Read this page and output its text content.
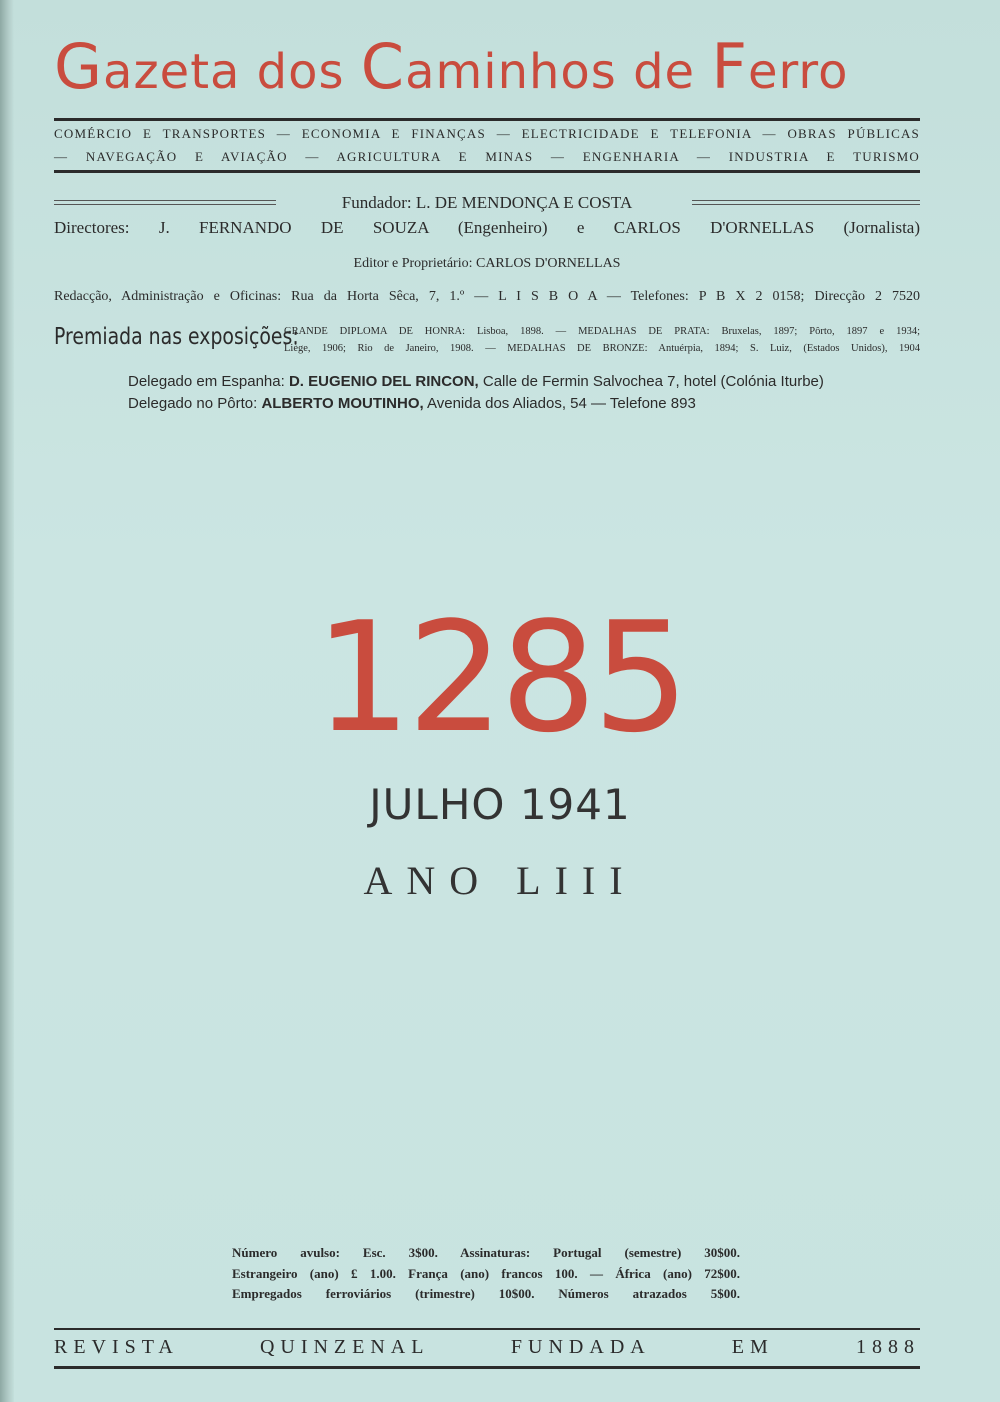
Gazeta dos Caminhos de Ferro
COMÉRCIO E TRANSPORTES — ECONOMIA E FINANÇAS — ELECTRICIDADE E TELEFONIA — OBRAS PÚBLICAS
— NAVEGAÇÃO E AVIAÇÃO — AGRICULTURA E MINAS — ENGENHARIA — INDUSTRIA E TURISMO
Fundador: L. DE MENDONÇA E COSTA
Directores: J. FERNANDO DE SOUZA (Engenheiro) e CARLOS D'ORNELLAS (Jornalista)
Editor e Proprietário: CARLOS D'ORNELLAS
Redacção, Administração e Oficinas: Rua da Horta Sêca, 7, 1.º — L I S B O A — Telefones: P B X 2 0158; Direcção 2 7520
Premiada nas exposições:
GRANDE DIPLOMA DE HONRA: Lisboa, 1898. — MEDALHAS DE PRATA: Bruxelas, 1897; Pôrto, 1897 e 1934;
Liège, 1906; Rio de Janeiro, 1908. — MEDALHAS DE BRONZE: Antuérpia, 1894; S. Luiz, (Estados Unidos), 1904
Delegado em Espanha: D. EUGENIO DEL RINCON, Calle de Fermin Salvochea 7, hotel (Colónia Iturbe)
Delegado no Pôrto: ALBERTO MOUTINHO, Avenida dos Aliados, 54 — Telefone 893
1285
JULHO 1941
ANO LIII
Número avulso: Esc. 3$00. Assinaturas: Portugal (semestre) 30$00.
Estrangeiro (ano) £ 1.00. França (ano) francos 100. — África (ano) 72$00.
Empregados ferroviários (trimestre) 10$00. Números atrazados 5$00.
REVISTA QUINZENAL FUNDADA EM 1888
